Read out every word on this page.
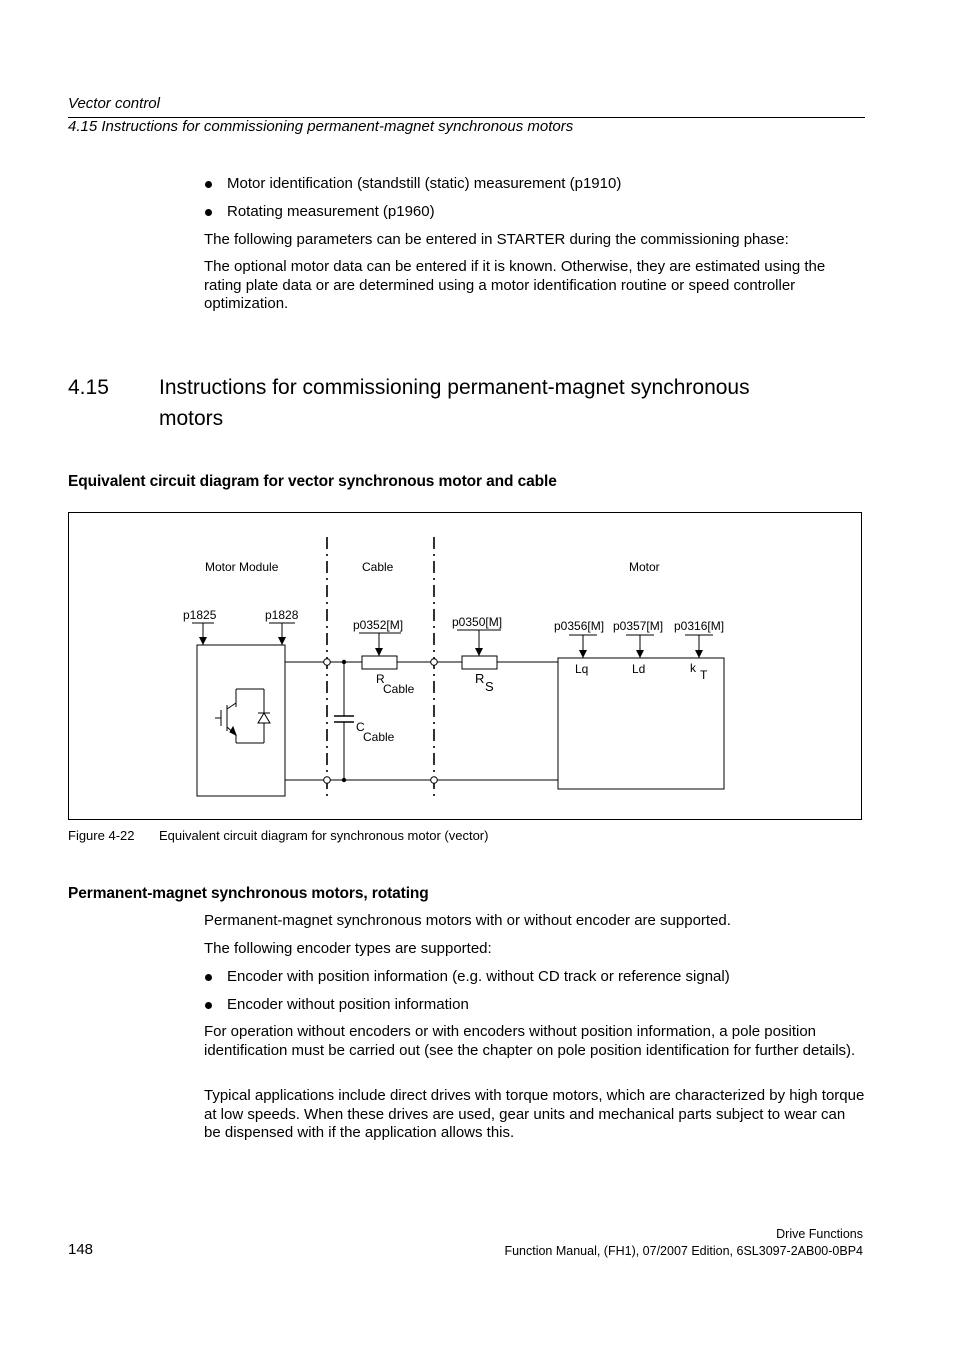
Vector control
4.15 Instructions for commissioning permanent-magnet synchronous motors
Motor identification (standstill (static) measurement (p1910)
Rotating measurement (p1960)
The following parameters can be entered in STARTER during the commissioning phase:
The optional motor data can be entered if it is known. Otherwise, they are estimated using the rating plate data or are determined using a motor identification routine or speed controller optimization.
4.15 Instructions for commissioning permanent-magnet synchronous
motors
Equivalent circuit diagram for vector synchronous motor and cable
Motor Module	Cable	Motor
p1825	p1828
C
Cable
p0352[M]
R
Cable
p0350[M]
R
S
p0356[M] p0357[M] p0316[M]
Lq	Ld	k T
Figure 4-22 Equivalent circuit diagram for synchronous motor (vector)
Permanent-magnet synchronous motors, rotating
Permanent-magnet synchronous motors with or without encoder are supported.
The following encoder types are supported:
Encoder with position information (e.g. without CD track or reference signal)
Encoder without position information
For operation without encoders or with encoders without position information, a pole position identification must be carried out (see the chapter on pole position identification for further details).
Typical applications include direct drives with torque motors, which are characterized by high torque at low speeds. When these drives are used, gear units and mechanical parts subject to wear can be dispensed with if the application allows this.
148
Drive Functions
Function Manual, (FH1), 07/2007 Edition, 6SL3097-2AB00-0BP4
